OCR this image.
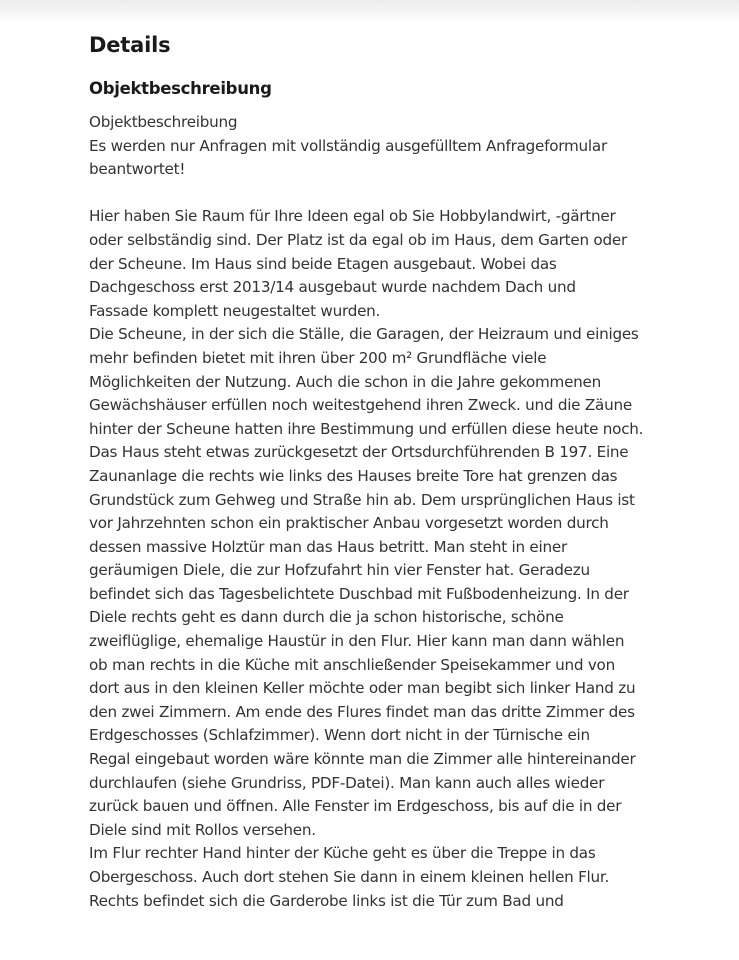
Details
Objektbeschreibung
Objektbeschreibung
Es werden nur Anfragen mit vollständig ausgefülltem Anfrageformular
beantwortet!
Hier haben Sie Raum für Ihre Ideen egal ob Sie Hobbylandwirt, -gärtner
oder selbständig sind. Der Platz ist da egal ob im Haus, dem Garten oder
der Scheune. Im Haus sind beide Etagen ausgebaut. Wobei das
Dachgeschoss erst 2013/14 ausgebaut wurde nachdem Dach und
Fassade komplett neugestaltet wurden.
Die Scheune, in der sich die Ställe, die Garagen, der Heizraum und einiges
mehr befinden bietet mit ihren über 200 m² Grundfläche viele
Möglichkeiten der Nutzung. Auch die schon in die Jahre gekommenen
Gewächshäuser erfüllen noch weitestgehend ihren Zweck. und die Zäune
hinter der Scheune hatten ihre Bestimmung und erfüllen diese heute noch.
Das Haus steht etwas zurückgesetzt der Ortsdurchführenden B 197. Eine
Zaunanlage die rechts wie links des Hauses breite Tore hat grenzen das
Grundstück zum Gehweg und Straße hin ab. Dem ursprünglichen Haus ist
vor Jahrzehnten schon ein praktischer Anbau vorgesetzt worden durch
dessen massive Holztür man das Haus betritt. Man steht in einer
geräumigen Diele, die zur Hofzufahrt hin vier Fenster hat. Geradezu
befindet sich das Tagesbelichtete Duschbad mit Fußbodenheizung. In der
Diele rechts geht es dann durch die ja schon historische, schöne
zweiflüglige, ehemalige Haustür in den Flur. Hier kann man dann wählen
ob man rechts in die Küche mit anschließender Speisekammer und von
dort aus in den kleinen Keller möchte oder man begibt sich linker Hand zu
den zwei Zimmern. Am ende des Flures findet man das dritte Zimmer des
Erdgeschosses (Schlafzimmer). Wenn dort nicht in der Türnische ein
Regal eingebaut worden wäre könnte man die Zimmer alle hintereinander
durchlaufen (siehe Grundriss, PDF-Datei). Man kann auch alles wieder
zurück bauen und öffnen. Alle Fenster im Erdgeschoss, bis auf die in der
Diele sind mit Rollos versehen.
Im Flur rechter Hand hinter der Küche geht es über die Treppe in das
Obergeschoss. Auch dort stehen Sie dann in einem kleinen hellen Flur.
Rechts befindet sich die Garderobe links ist die Tür zum Bad und
